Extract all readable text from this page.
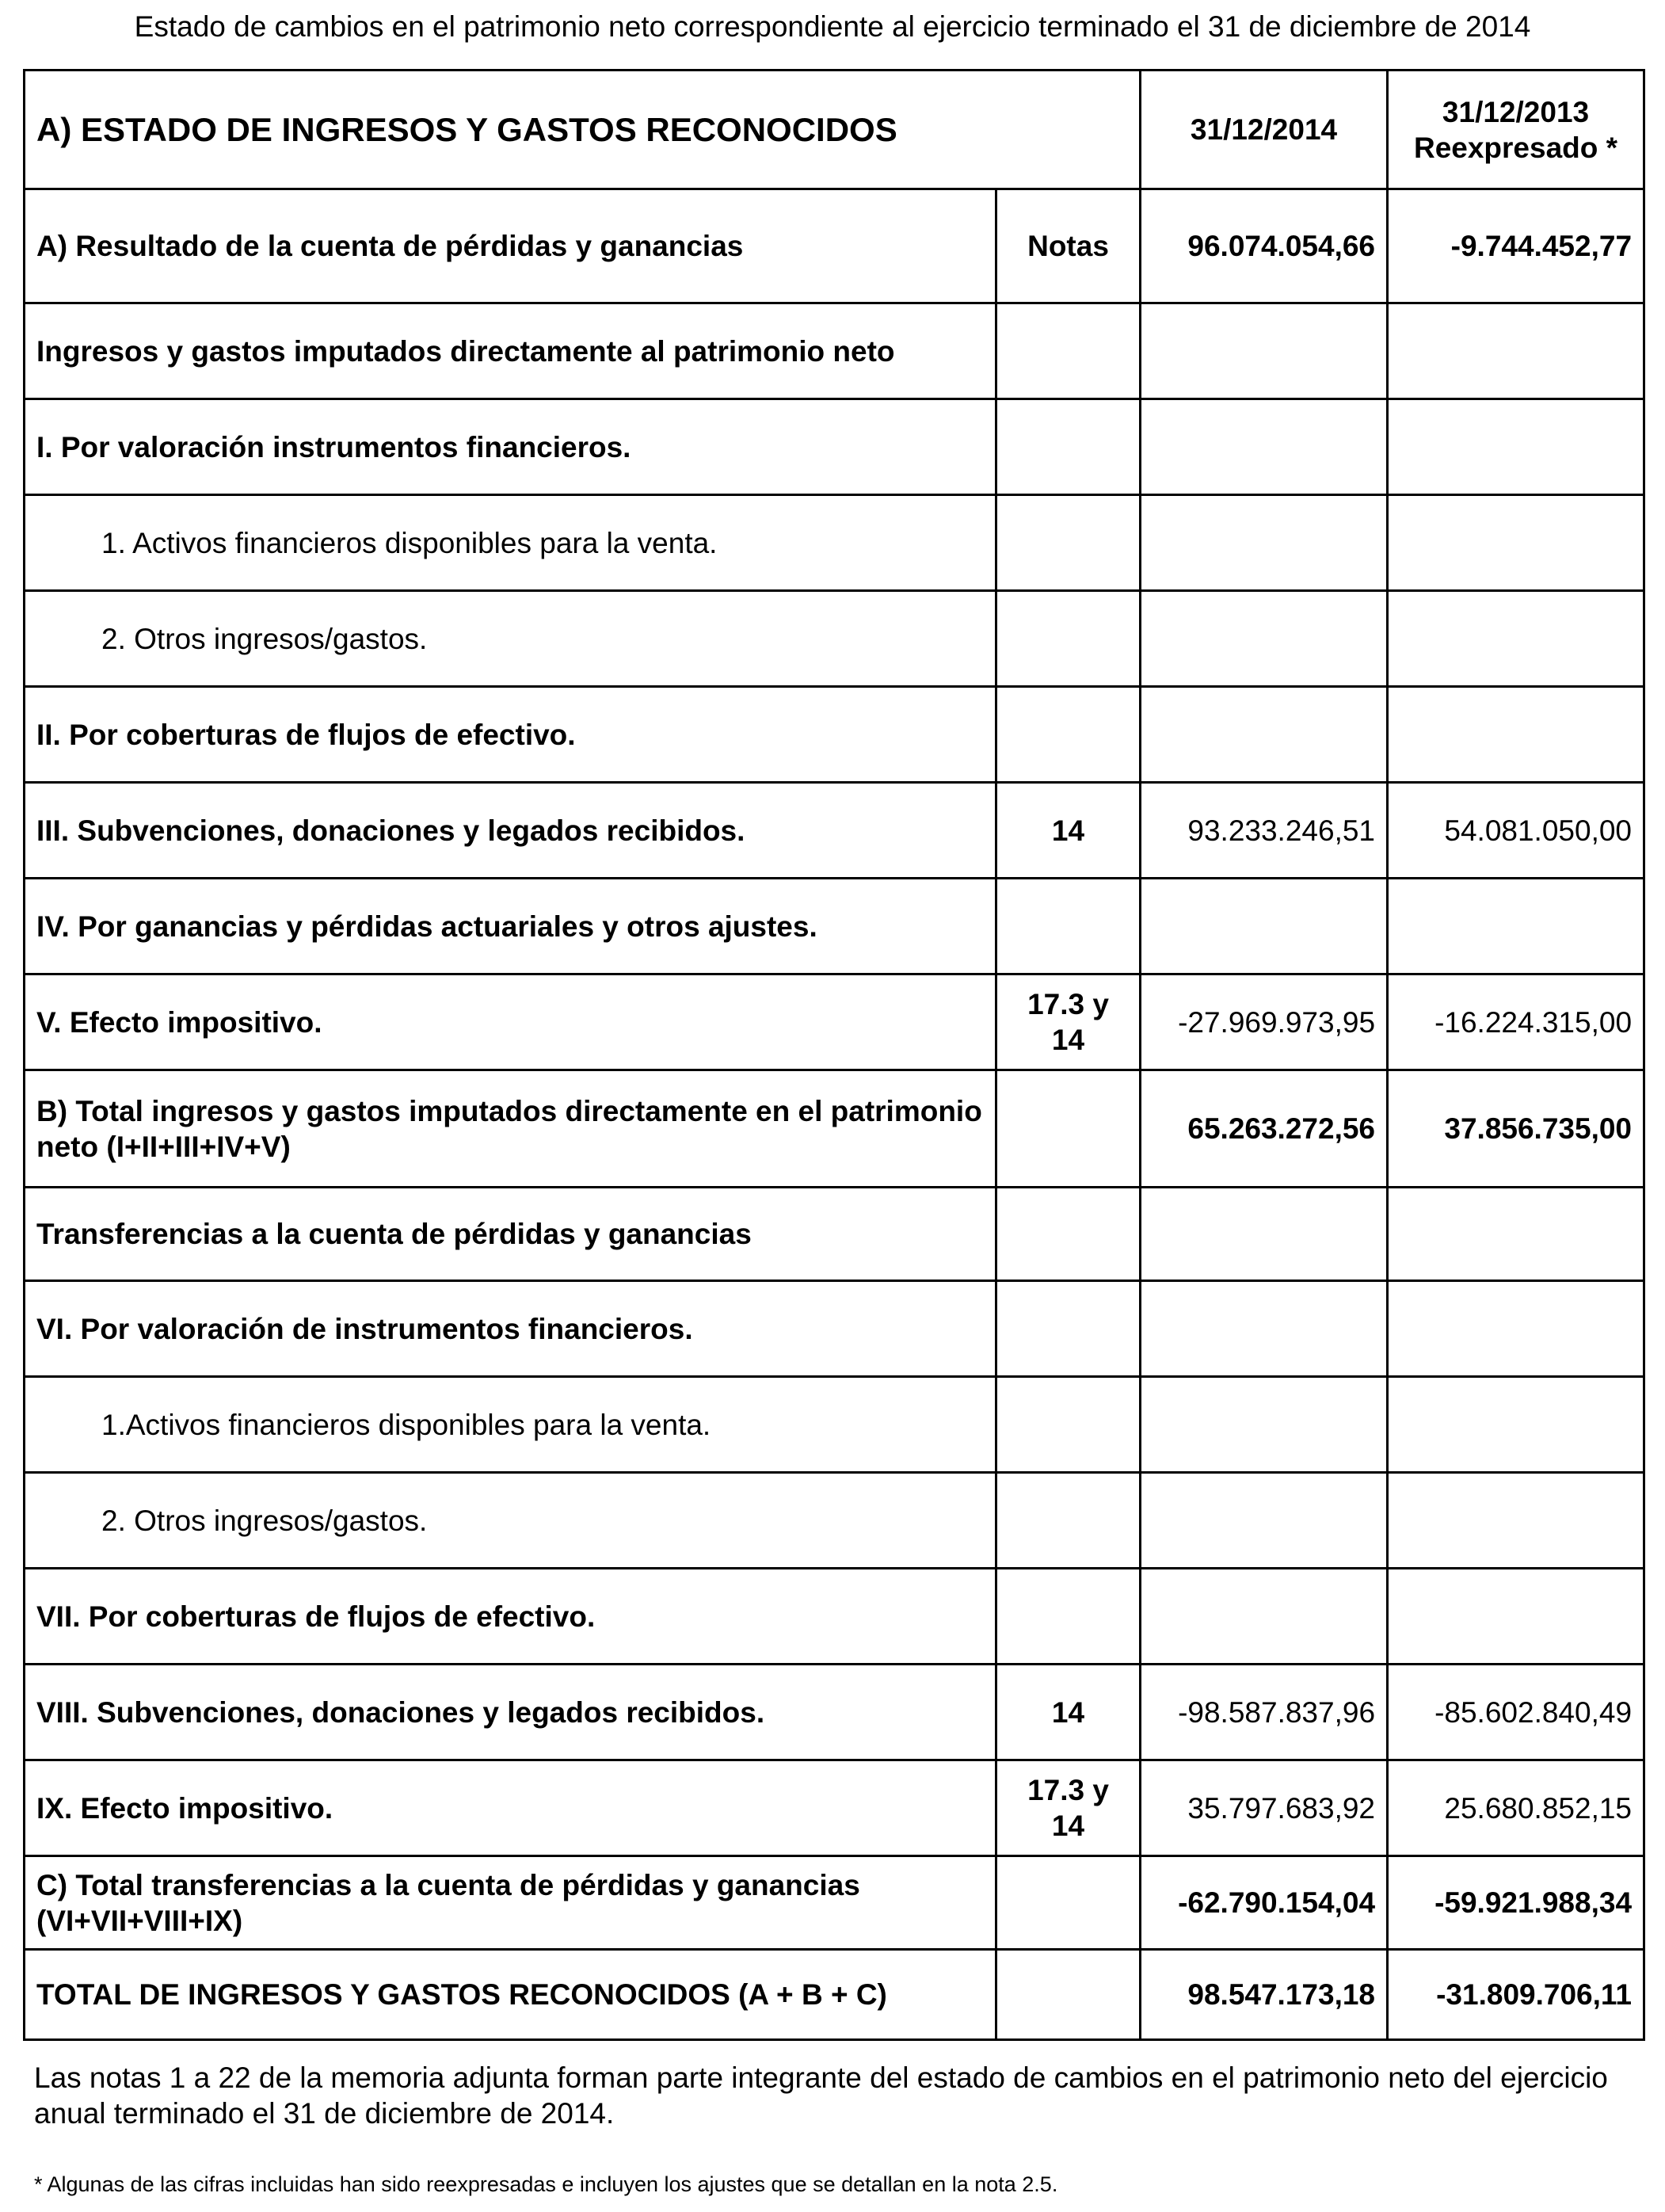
Estado de cambios en el patrimonio neto correspondiente al ejercicio terminado el 31 de diciembre de 2014
A) ESTADO DE INGRESOS Y GASTOS RECONOCIDOS		31/12/2014	31/12/2013
Reexpresado *

A) Resultado de la cuenta de pérdidas y ganancias	Notas	96.074.054,66	-9.744.452,77
Ingresos y gastos imputados directamente al patrimonio neto			
I. Por valoración instrumentos financieros.			
1. Activos financieros disponibles para la venta.			
2. Otros ingresos/gastos.			
II. Por coberturas de flujos de efectivo.			
III. Subvenciones, donaciones y legados recibidos.	14	93.233.246,51	54.081.050,00
IV. Por ganancias y pérdidas actuariales y otros ajustes.			
V. Efecto impositivo.	17.3 y 14	-27.969.973,95	-16.224.315,00
B) Total ingresos y gastos imputados directamente en el patrimonio neto (I+II+III+IV+V)		65.263.272,56	37.856.735,00
Transferencias a la cuenta de pérdidas y ganancias			
VI. Por valoración de instrumentos financieros.			
1.Activos financieros disponibles para la venta.			
2. Otros ingresos/gastos.			
VII. Por coberturas de flujos de efectivo.			
VIII. Subvenciones, donaciones y legados recibidos.	14	-98.587.837,96	-85.602.840,49
IX. Efecto impositivo.	17.3 y 14	35.797.683,92	25.680.852,15
C) Total transferencias a la cuenta de pérdidas y ganancias (VI+VII+VIII+IX)		-62.790.154,04	-59.921.988,34
TOTAL DE INGRESOS Y GASTOS RECONOCIDOS (A + B + C)		98.547.173,18	-31.809.706,11
Las notas 1 a 22 de la memoria adjunta forman parte integrante del estado de cambios en el patrimonio neto del ejercicio anual terminado el 31 de diciembre de 2014.
* Algunas de las cifras incluidas han sido reexpresadas e incluyen los ajustes que se detallan en la nota 2.5.
